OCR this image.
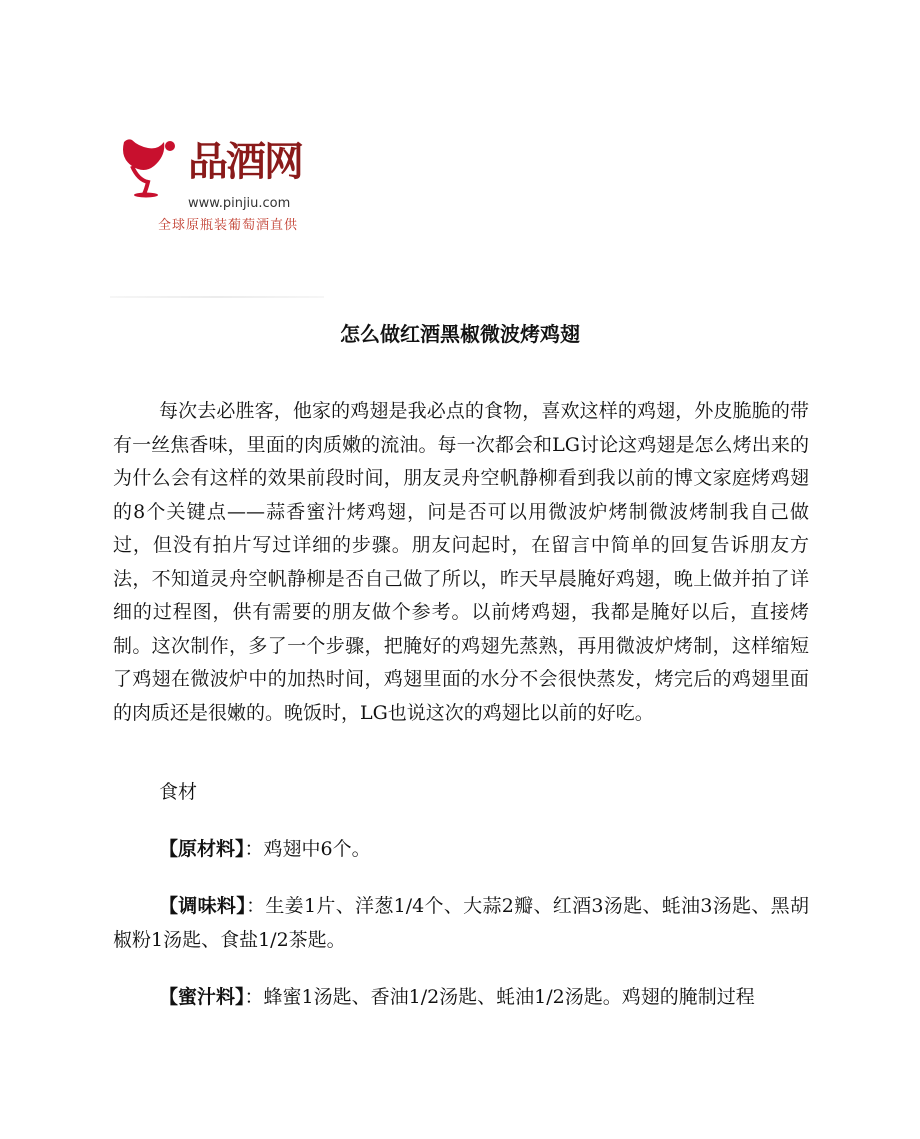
品酒网
www.pinjiu.com
全球原瓶装葡萄酒直供
怎么做红酒黑椒微波烤鸡翅

每次去必胜客，他家的鸡翅是我必点的食物，喜欢这样的鸡翅，外皮脆脆的带有一丝焦香味，里面的肉质嫩的流油。每一次都会和LG讨论这鸡翅是怎么烤出来的为什么会有这样的效果前段时间，朋友灵舟空帆静柳看到我以前的博文家庭烤鸡翅的8个关键点——蒜香蜜汁烤鸡翅，问是否可以用微波炉烤制微波烤制我自己做过，但没有拍片写过详细的步骤。朋友问起时，在留言中简单的回复告诉朋友方法，不知道灵舟空帆静柳是否自己做了所以，昨天早晨腌好鸡翅，晚上做并拍了详细的过程图，供有需要的朋友做个参考。以前烤鸡翅，我都是腌好以后，直接烤制。这次制作，多了一个步骤，把腌好的鸡翅先蒸熟，再用微波炉烤制，这样缩短了鸡翅在微波炉中的加热时间，鸡翅里面的水分不会很快蒸发，烤完后的鸡翅里面的肉质还是很嫩的。晚饭时，LG也说这次的鸡翅比以前的好吃。

食材

【原材料】：鸡翅中6个。

【调味料】：生姜1片、洋葱1/4个、大蒜2瓣、红酒3汤匙、蚝油3汤匙、黑胡椒粉1汤匙、食盐1/2茶匙。

【蜜汁料】：蜂蜜1汤匙、香油1/2汤匙、蚝油1/2汤匙。鸡翅的腌制过程
